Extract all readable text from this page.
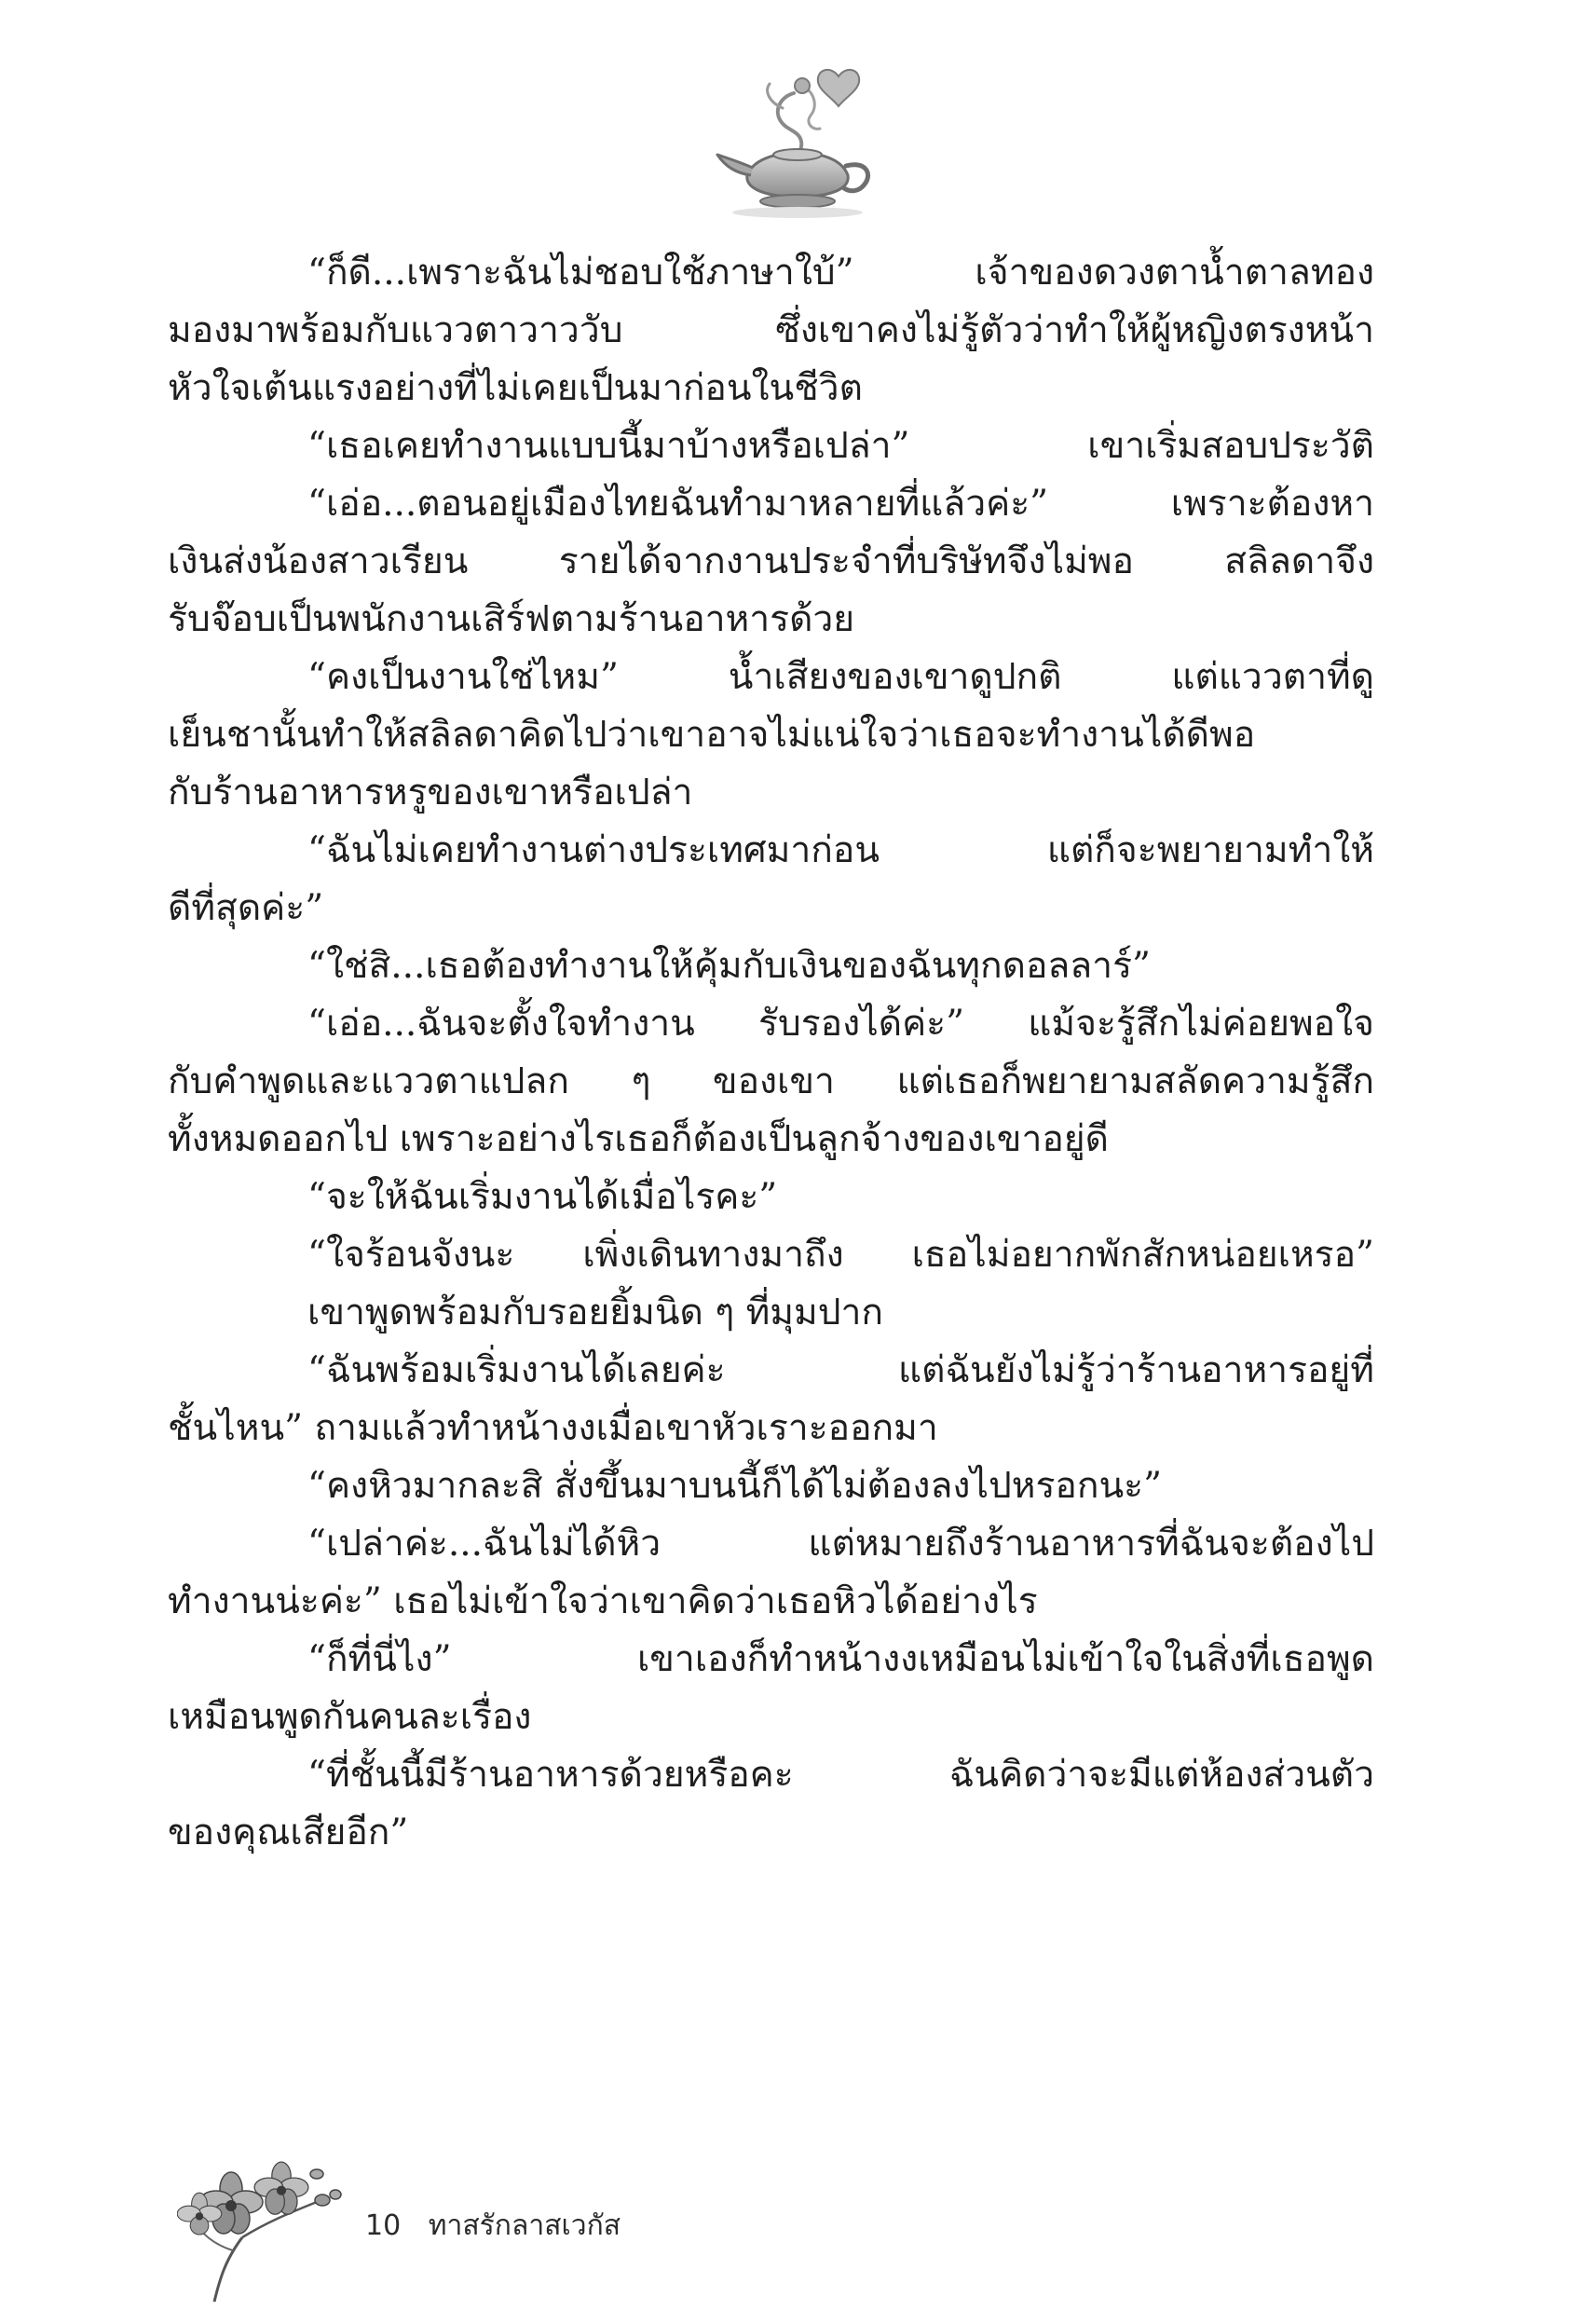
“ก็ดี...เพราะฉันไม่ชอบใช้ภาษาใบ้” เจ้าของดวงตาน้ำตาลทอง
มองมาพร้อมกับแววตาวาววับ ซึ่งเขาคงไม่รู้ตัวว่าทำให้ผู้หญิงตรงหน้า
หัวใจเต้นแรงอย่างที่ไม่เคยเป็นมาก่อนในชีวิต
“เธอเคยทำงานแบบนี้มาบ้างหรือเปล่า” เขาเริ่มสอบประวัติ
“เอ่อ...ตอนอยู่เมืองไทยฉันทำมาหลายที่แล้วค่ะ” เพราะต้องหา
เงินส่งน้องสาวเรียน รายได้จากงานประจำที่บริษัทจึงไม่พอ สลิลดาจึง
รับจ๊อบเป็นพนักงานเสิร์ฟตามร้านอาหารด้วย
“คงเป็นงานใช่ไหม” น้ำเสียงของเขาดูปกติ แต่แววตาที่ดู
เย็นชานั้นทำให้สลิลดาคิดไปว่าเขาอาจไม่แน่ใจว่าเธอจะทำงานได้ดีพอ
กับร้านอาหารหรูของเขาหรือเปล่า
“ฉันไม่เคยทำงานต่างประเทศมาก่อน แต่ก็จะพยายามทำให้
ดีที่สุดค่ะ”
“ใช่สิ...เธอต้องทำงานให้คุ้มกับเงินของฉันทุกดอลลาร์”
“เอ่อ...ฉันจะตั้งใจทำงาน รับรองได้ค่ะ” แม้จะรู้สึกไม่ค่อยพอใจ
กับคำพูดและแววตาแปลก ๆ ของเขา แต่เธอก็พยายามสลัดความรู้สึก
ทั้งหมดออกไป เพราะอย่างไรเธอก็ต้องเป็นลูกจ้างของเขาอยู่ดี
“จะให้ฉันเริ่มงานได้เมื่อไรคะ”
“ใจร้อนจังนะ เพิ่งเดินทางมาถึง เธอไม่อยากพักสักหน่อยเหรอ”
เขาพูดพร้อมกับรอยยิ้มนิด ๆ ที่มุมปาก
“ฉันพร้อมเริ่มงานได้เลยค่ะ แต่ฉันยังไม่รู้ว่าร้านอาหารอยู่ที่
ชั้นไหน” ถามแล้วทำหน้างงเมื่อเขาหัวเราะออกมา
“คงหิวมากละสิ สั่งขึ้นมาบนนี้ก็ได้ไม่ต้องลงไปหรอกนะ”
“เปล่าค่ะ...ฉันไม่ได้หิว แต่หมายถึงร้านอาหารที่ฉันจะต้องไป
ทำงานน่ะค่ะ” เธอไม่เข้าใจว่าเขาคิดว่าเธอหิวได้อย่างไร
“ก็ที่นี่ไง” เขาเองก็ทำหน้างงเหมือนไม่เข้าใจในสิ่งที่เธอพูด
เหมือนพูดกันคนละเรื่อง
“ที่ชั้นนี้มีร้านอาหารด้วยหรือคะ ฉันคิดว่าจะมีแต่ห้องส่วนตัว
ของคุณเสียอีก”
10 ทาสรักลาสเวกัส
